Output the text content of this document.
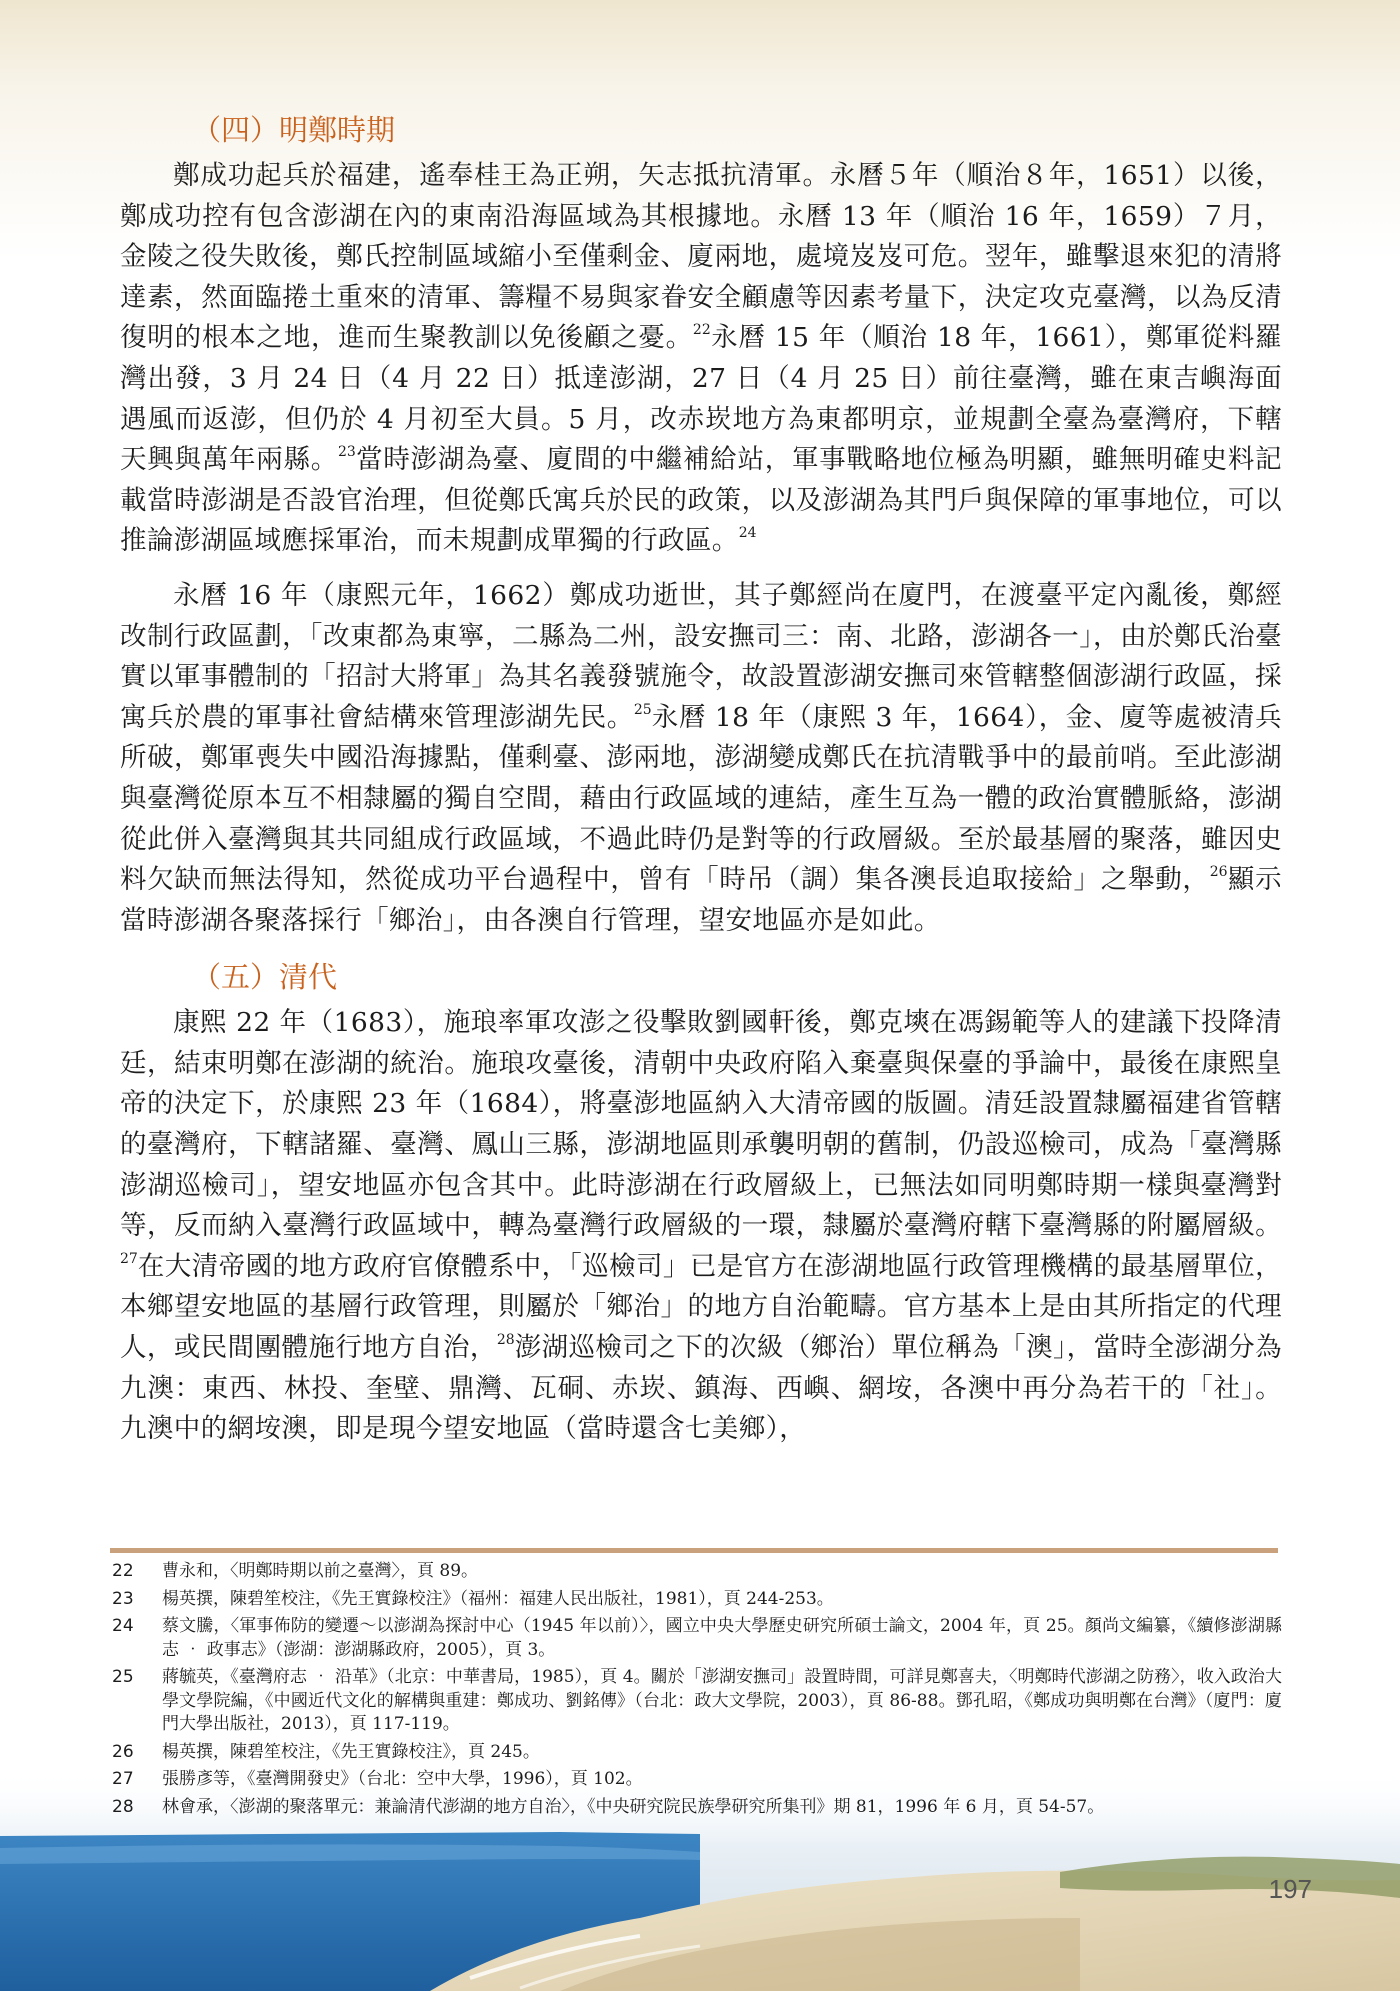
（四）明鄭時期

鄭成功起兵於福建，遙奉桂王為正朔，矢志抵抗清軍。永曆５年（順治８年，1651）以後，鄭成功控有包含澎湖在內的東南沿海區域為其根據地。永曆 13 年（順治 16 年，1659）７月，金陵之役失敗後，鄭氏控制區域縮小至僅剩金、廈兩地，處境岌岌可危。翌年，雖擊退來犯的清將達素，然面臨捲土重來的清軍、籌糧不易與家眷安全顧慮等因素考量下，決定攻克臺灣，以為反清復明的根本之地，進而生聚教訓以免後顧之憂。$^{22}$永曆 15 年（順治 18 年，1661），鄭軍從料羅灣出發，3 月 24 日（4 月 22 日）抵達澎湖，27 日（4 月 25 日）前往臺灣，雖在東吉嶼海面遇風而返澎，但仍於 4 月初至大員。5 月，改赤崁地方為東都明京，並規劃全臺為臺灣府，下轄天興與萬年兩縣。$^{23}$當時澎湖為臺、廈間的中繼補給站，軍事戰略地位極為明顯，雖無明確史料記載當時澎湖是否設官治理，但從鄭氏寓兵於民的政策，以及澎湖為其門戶與保障的軍事地位，可以推論澎湖區域應採軍治，而未規劃成單獨的行政區。$^{24}$

永曆 16 年（康熙元年，1662）鄭成功逝世，其子鄭經尚在廈門，在渡臺平定內亂後，鄭經改制行政區劃，「改東都為東寧，二縣為二州，設安撫司三：南、北路，澎湖各一」，由於鄭氏治臺實以軍事體制的「招討大將軍」為其名義發號施令，故設置澎湖安撫司來管轄整個澎湖行政區，採寓兵於農的軍事社會結構來管理澎湖先民。$^{25}$永曆 18 年（康熙 3 年，1664），金、廈等處被清兵所破，鄭軍喪失中國沿海據點，僅剩臺、澎兩地，澎湖變成鄭氏在抗清戰爭中的最前哨。至此澎湖與臺灣從原本互不相隸屬的獨自空間，藉由行政區域的連結，產生互為一體的政治實體脈絡，澎湖從此併入臺灣與其共同組成行政區域，不過此時仍是對等的行政層級。至於最基層的聚落，雖因史料欠缺而無法得知，然從成功平台過程中，曾有「時吊（調）集各澳長追取接給」之舉動，$^{26}$顯示當時澎湖各聚落採行「鄉治」，由各澳自行管理，望安地區亦是如此。

（五）清代

康熙 22 年（1683），施琅率軍攻澎之役擊敗劉國軒後，鄭克塽在馮錫範等人的建議下投降清廷，結束明鄭在澎湖的統治。施琅攻臺後，清朝中央政府陷入棄臺與保臺的爭論中，最後在康熙皇帝的決定下，於康熙 23 年（1684），將臺澎地區納入大清帝國的版圖。清廷設置隸屬福建省管轄的臺灣府，下轄諸羅、臺灣、鳳山三縣，澎湖地區則承襲明朝的舊制，仍設巡檢司，成為「臺灣縣澎湖巡檢司」，望安地區亦包含其中。此時澎湖在行政層級上，已無法如同明鄭時期一樣與臺灣對等，反而納入臺灣行政區域中，轉為臺灣行政層級的一環，隸屬於臺灣府轄下臺灣縣的附屬層級。$^{27}$在大清帝國的地方政府官僚體系中，「巡檢司」已是官方在澎湖地區行政管理機構的最基層單位，本鄉望安地區的基層行政管理，則屬於「鄉治」的地方自治範疇。官方基本上是由其所指定的代理人，或民間團體施行地方自治，$^{28}$澎湖巡檢司之下的次級（鄉治）單位稱為「澳」，當時全澎湖分為九澳：東西、林投、奎壁、鼎灣、瓦硐、赤崁、鎮海、西嶼、網垵，各澳中再分為若干的「社」。九澳中的網垵澳，即是現今望安地區（當時還含七美鄉），

22	曹永和，〈明鄭時期以前之臺灣〉，頁 89。
23	楊英撰，陳碧笙校注，《先王實錄校注》（福州：福建人民出版社，1981），頁 244-253。
24	蔡文騰，〈軍事佈防的變遷～以澎湖為探討中心（1945 年以前）〉，國立中央大學歷史研究所碩士論文，2004 年，頁 25。顏尚文編纂，《續修澎湖縣志 ‧ 政事志》（澎湖：澎湖縣政府，2005），頁 3。
25	蔣毓英，《臺灣府志 ‧ 沿革》（北京：中華書局，1985），頁 4。關於「澎湖安撫司」設置時間，可詳見鄭喜夫，〈明鄭時代澎湖之防務〉，收入政治大學文學院編，《中國近代文化的解構與重建：鄭成功、劉銘傳》（台北：政大文學院，2003），頁 86-88。鄧孔昭，《鄭成功與明鄭在台灣》（廈門：廈門大學出版社，2013），頁 117-119。
26	楊英撰，陳碧笙校注，《先王實錄校注》，頁 245。
27	張勝彥等，《臺灣開發史》（台北：空中大學，1996），頁 102。
28	林會承，〈澎湖的聚落單元：兼論清代澎湖的地方自治〉，《中央研究院民族學研究所集刊》期 81，1996 年 6 月，頁 54-57。
197
